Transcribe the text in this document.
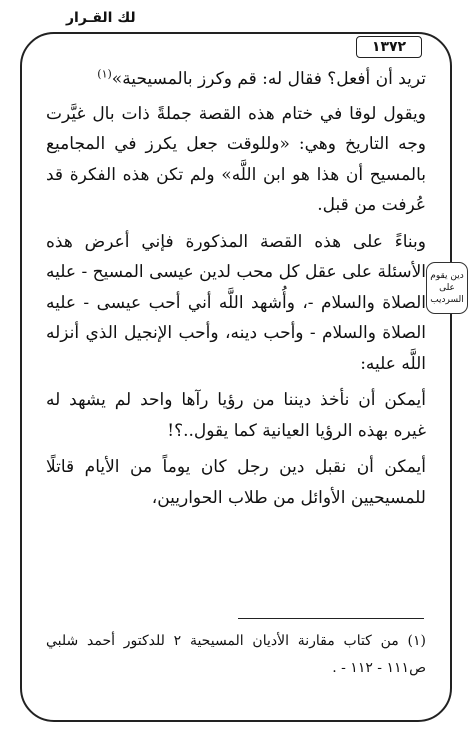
لك القـرار
١٣٧٢
دين يقوم
على
السرديب

تريد أن أفعل؟ فقال له: قم وكرز بالمسيحية»$^{(١)}$

ويقول لوقا في ختام هذه القصة جملةً ذات بال غيَّرت وجه التاريخ وهي: «وللوقت جعل يكرز في المجاميع بالمسيح أن هذا هو ابن اللَّه» ولم تكن هذه الفكرة قد عُرفت من قبل.

وبناءً على هذه القصة المذكورة فإني أعرض هذه الأسئلة على عقل كل محب لدين عيسى المسيح - عليه الصلاة والسلام -، وأُشهد اللَّه أني أحب عيسى - عليه الصلاة والسلام - وأحب دينه، وأحب الإنجيل الذي أنزله اللَّه عليه:

أيمكن أن نأخذ ديننا من رؤيا رآها واحد لم يشهد له غيره بهذه الرؤيا العيانية كما يقول..؟!

أيمكن أن نقبل دين رجل كان يوماً من الأيام قاتلًا للمسيحيين الأوائل من طلاب الحواريين،

(١) من كتاب مقارنة الأديان المسيحية ٢ للدكتور أحمد شلبي ص١١١ - ١١٢ - .
